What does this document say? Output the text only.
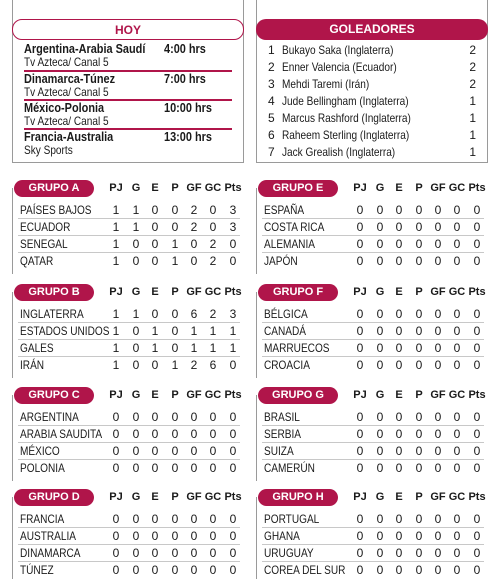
HOY
Argentina-Arabia Saudí 4:00 hrs
Tv Azteca/ Canal 5
Dinamarca-Túnez	7:00 hrs
Tv Azteca/ Canal 5
México-Polonia	10:00 hrs
Tv Azteca/ Canal 5
Francia-Australia	13:00 hrs
Sky Sports
GOLEADORES
1 Bukayo Saka (Inglaterra)	2
2 Enner Valencia (Ecuador)	2
3 Mehdi Taremi (Irán)	2
4 Jude Bellingham (Inglaterra)	1
5 Marcus Rashford (Inglaterra)	1
6 Raheem Sterling (Inglaterra)	1
7 Jack Grealish (Inglaterra)	1
GRUPO A	PJ G	E	P GF GC Pts
PAÍSES BAJOS	1	1	0	0	2	0	3
ECUADOR	1	1	0	0	2	0	3
SENEGAL	1	0	0	1	0	2	0
QATAR	1	0	0	1	0	2	0
GRUPO E	PJ G	E	P GF GC Pts
ESPAÑA	0	0	0	0	0	0	0
COSTA RICA	0	0	0	0	0	0	0
ALEMANIA	0	0	0	0	0	0	0
JAPÓN	0	0	0	0	0	0	0
GRUPO B	PJ G	E	P GF GC Pts
INGLATERRA	1	1	0	0	6	2	3
ESTADOS UNIDOS 1	0	1	0	1	1	1
GALES	1	0	1	0	1	1	1
IRÁN	1	0	0	1	2	6	0
GRUPO F	PJ G	E	P GF GC Pts
BÉLGICA	0	0	0	0	0	0	0
CANADÁ	0	0	0	0	0	0	0
MARRUECOS	0	0	0	0	0	0	0
CROACIA	0	0	0	0	0	0	0
GRUPO C	PJ G	E	P GF GC Pts
ARGENTINA	0	0	0	0	0	0	0
ARABIA SAUDITA 0	0	0	0	0	0	0
MÉXICO	0	0	0	0	0	0	0
POLONIA	0	0	0	0	0	0	0
GRUPO G	PJ G	E	P GF GC Pts
BRASIL	0	0	0	0	0	0	0
SERBIA	0	0	0	0	0	0	0
SUIZA	0	0	0	0	0	0	0
CAMERÚN	0	0	0	0	0	0	0
GRUPO D	PJ G	E	P GF GC Pts
FRANCIA	0	0	0	0	0	0	0
AUSTRALIA	0	0	0	0	0	0	0
DINAMARCA	0	0	0	0	0	0	0
TÚNEZ	0	0	0	0	0	0	0
GRUPO H	PJ G	E	P GF GC Pts
PORTUGAL	0	0	0	0	0	0	0
GHANA	0	0	0	0	0	0	0
URUGUAY	0	0	0	0	0	0	0
COREA DEL SUR 0	0	0	0	0	0	0
